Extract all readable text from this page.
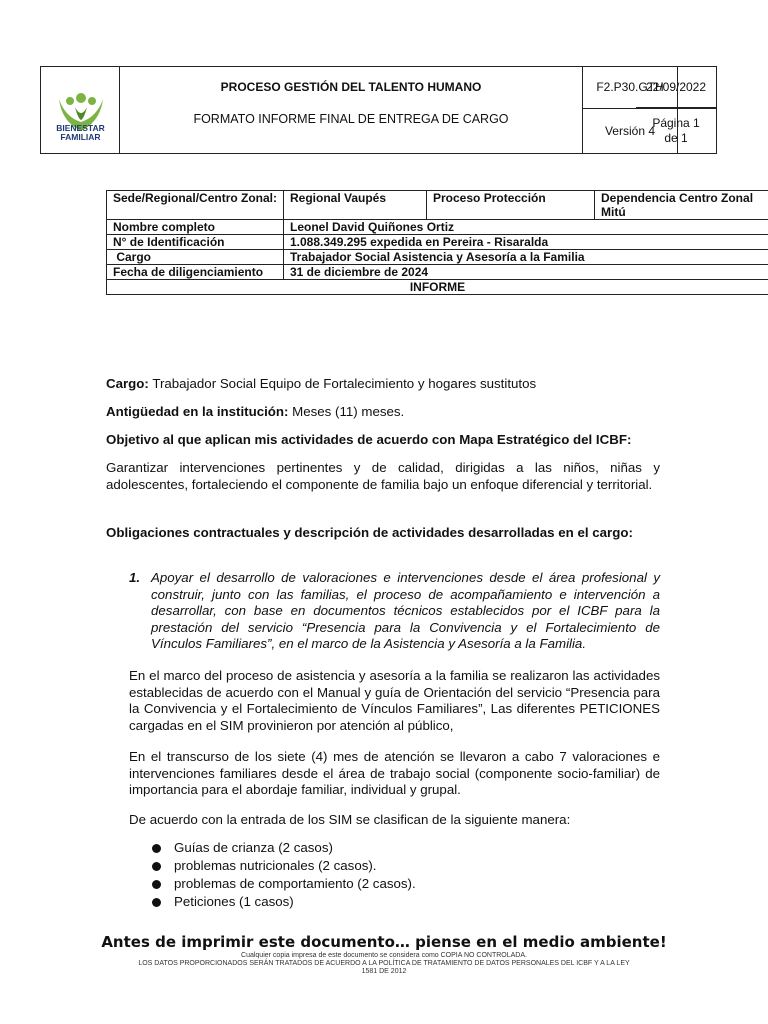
BIENESTAR
FAMILIAR
PROCESO GESTIÓN DEL TALENTO HUMANO
FORMATO INFORME FINAL DE ENTREGA DE CARGO
F2.P30.GTH
Versión 4
22/09/2022
Página 1
de 1
Sede/Regional/Centro Zonal:	Regional Vaupés	Proceso Protección	Dependencia Centro Zonal Mitú
Nombre completo	Leonel David Quiñones Ortiz		
N° de Identificación	1.088.349.295 expedida en Pereira - Risaralda		
Cargo	Trabajador Social Asistencia y Asesoría a la Familia		
Fecha de diligenciamiento	31 de diciembre de 2024		
INFORME			
Cargo: Trabajador Social Equipo de Fortalecimiento y hogares sustitutos
Antigüedad en la institución: Meses (11) meses.
Objetivo al que aplican mis actividades de acuerdo con Mapa Estratégico del ICBF:
Garantizar intervenciones pertinentes y de calidad, dirigidas a las niños, niñas y adolescentes, fortaleciendo el componente de familia bajo un enfoque diferencial y territorial.
Obligaciones contractuales y descripción de actividades desarrolladas en el cargo:
1. Apoyar el desarrollo de valoraciones e intervenciones desde el área profesional y construir, junto con las familias, el proceso de acompañamiento e intervención a desarrollar, con base en documentos técnicos establecidos por el ICBF para la prestación del servicio “Presencia para la Convivencia y el Fortalecimiento de Vínculos Familiares”, en el marco de la Asistencia y Asesoría a la Familia.
En el marco del proceso de asistencia y asesoría a la familia se realizaron las actividades establecidas de acuerdo con el Manual y guía de Orientación del servicio “Presencia para la Convivencia y el Fortalecimiento de Vínculos Familiares”, Las diferentes PETICIONES cargadas en el SIM provinieron por atención al público,
En el transcurso de los siete (4) mes de atención se llevaron a cabo 7 valoraciones e intervenciones familiares desde el área de trabajo social (componente socio-familiar) de importancia para el abordaje familiar, individual y grupal.
De acuerdo con la entrada de los SIM se clasifican de la siguiente manera:
Guías de crianza (2 casos)
problemas nutricionales (2 casos).
problemas de comportamiento (2 casos).
Peticiones (1 casos)
Antes de imprimir este documento… piense en el medio ambiente!
Cualquier copia impresa de este documento se considera como COPIA NO CONTROLADA.
LOS DATOS PROPORCIONADOS SERÁN TRATADOS DE ACUERDO A LA POLÍTICA DE TRATAMIENTO DE DATOS PERSONALES DEL ICBF Y A LA LEY
1581 DE 2012
